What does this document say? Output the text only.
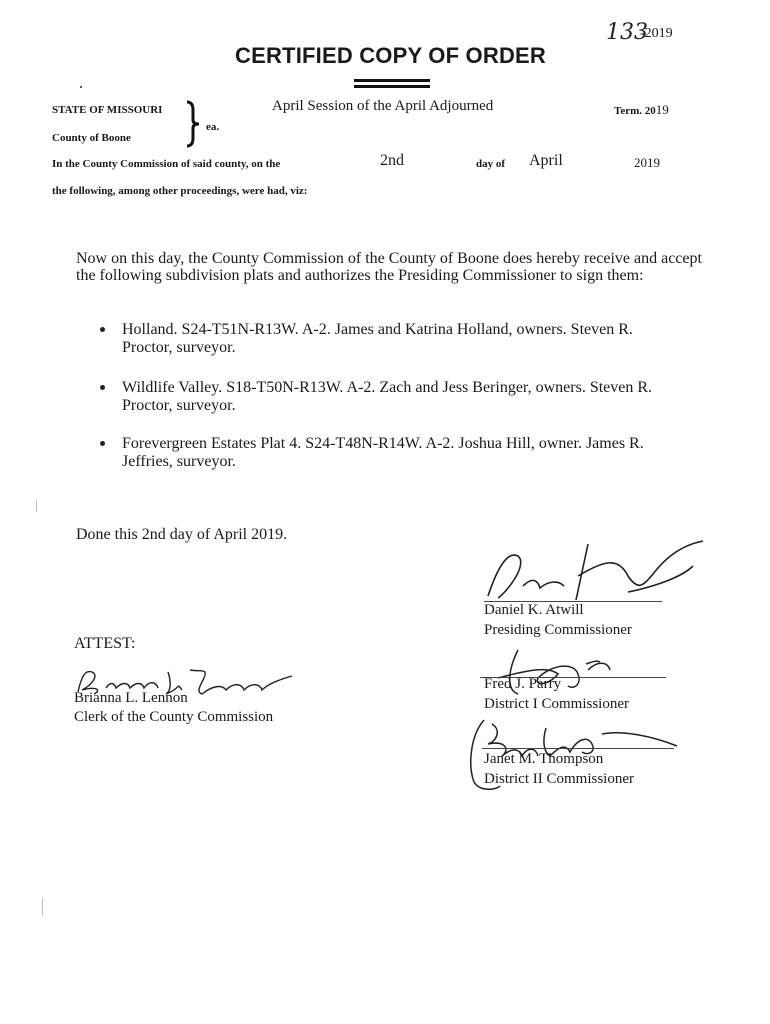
133
-2019
CERTIFIED COPY OF ORDER
STATE OF MISSOURI
County of Boone
ea.
April Session of the April Adjourned	Term. 2019
In the County Commission of said county, on the	2nd	day of April	2019
the following, among other proceedings, were had, viz:
Now on this day, the County Commission of the County of Boone does hereby receive and accept
the following subdivision plats and authorizes the Presiding Commissioner to sign them:
Holland. S24-T51N-R13W. A-2. James and Katrina Holland, owners. Steven R.
Proctor, surveyor.
Wildlife Valley. S18-T50N-R13W. A-2. Zach and Jess Beringer, owners. Steven R.
Proctor, surveyor.
Forevergreen Estates Plat 4. S24-T48N-R14W. A-2. Joshua Hill, owner. James R.
Jeffries, surveyor.
Done this 2nd day of April 2019.
Daniel K. Atwill
Presiding Commissioner
ATTEST:
Brianna L. Lennon
Clerk of the County Commission
Fred J. Parry
District I Commissioner
Janet M. Thompson
District II Commissioner
